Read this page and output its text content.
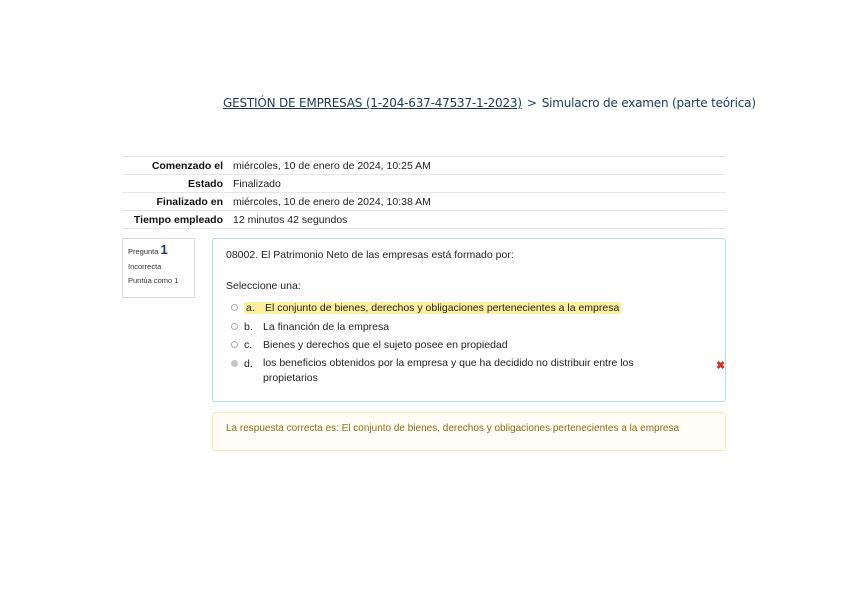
GESTIÓN DE EMPRESAS (1-204-637-47537-1-2023) > Simulacro de examen (parte teórica)
Comenzado el	miércoles, 10 de enero de 2024, 10:25 AM
Estado	Finalizado
Finalizado en	miércoles, 10 de enero de 2024, 10:38 AM
Tiempo empleado	12 minutos 42 segundos
Pregunta 1
Incorrecta
Puntúa como 1
08002. El Patrimonio Neto de las empresas está formado por:
Seleccione una:
a. El conjunto de bienes, derechos y obligaciones pertenecientes a la empresa
b. La financión de la empresa
c.	Bienes y derechos que el sujeto posee en propiedad
d. los beneficios obtenidos por la empresa y que ha decidido no distribuir entre los propietarios
✖
La respuesta correcta es: El conjunto de bienes, derechos y obligaciones pertenecientes a la empresa
